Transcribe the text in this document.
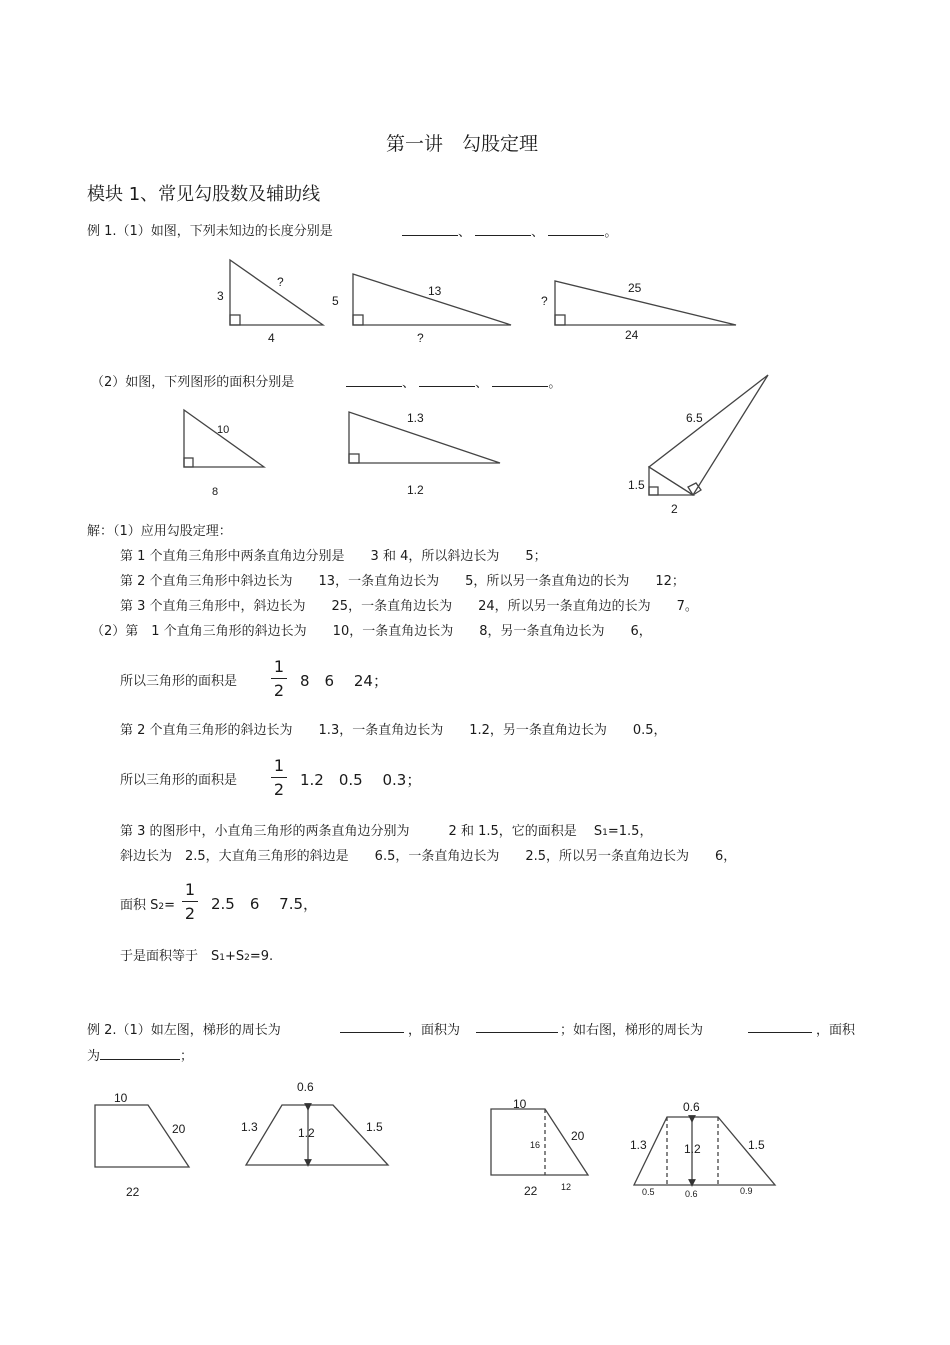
第一讲　勾股定理
模块 1、常见勾股数及辅助线
例 1.（1）如图，下列未知边的长度分别是	、	、	。
3
?
4
5
13
?
?
25
24
（2）如图，下列图形的面积分别是	、	、	。
10
8
1.3
1.2
6.5
1.5
2
解：（1）应用勾股定理：
第 1 个直角三角形中两条直角边分别是　　3 和 4，所以斜边长为　　5；
第 2 个直角三角形中斜边长为　　13，一条直角边长为　　5，所以另一条直角边的长为　　12；
第 3 个直角三角形中，斜边长为　　25，一条直角边长为　　24，所以另一条直角边的长为　　7。
（2）第　1 个直角三角形的斜边长为　　10，一条直角边长为　　8，另一条直角边长为　　6，
所以三角形的面积是
1
2 8　6　 24；
第 2 个直角三角形的斜边长为　　1.3，一条直角边长为　　1.2，另一条直角边长为　　0.5，
所以三角形的面积是
1
2 1.2　0.5　 0.3；
第 3 的图形中，小直角三角形的两条直角边分别为　　　2 和 1.5，它的面积是　 S1=1.5，
斜边长为　2.5，大直角三角形的斜边是　　6.5，一条直角边长为　　2.5，所以另一条直角边长为　　6，
面积 S2=
1
2 2.5　6　 7.5，
于是面积等于　S1+S2=9.
例 2.（1）如左图，梯形的周长为	，面积为	；如右图，梯形的周长为	，面积
为	；
10
20
22
0.6
1.3	1.2	1.5
10
16
20
22	12
0.6
1.3	1.2	1.5
0.5	0.6	0.9
